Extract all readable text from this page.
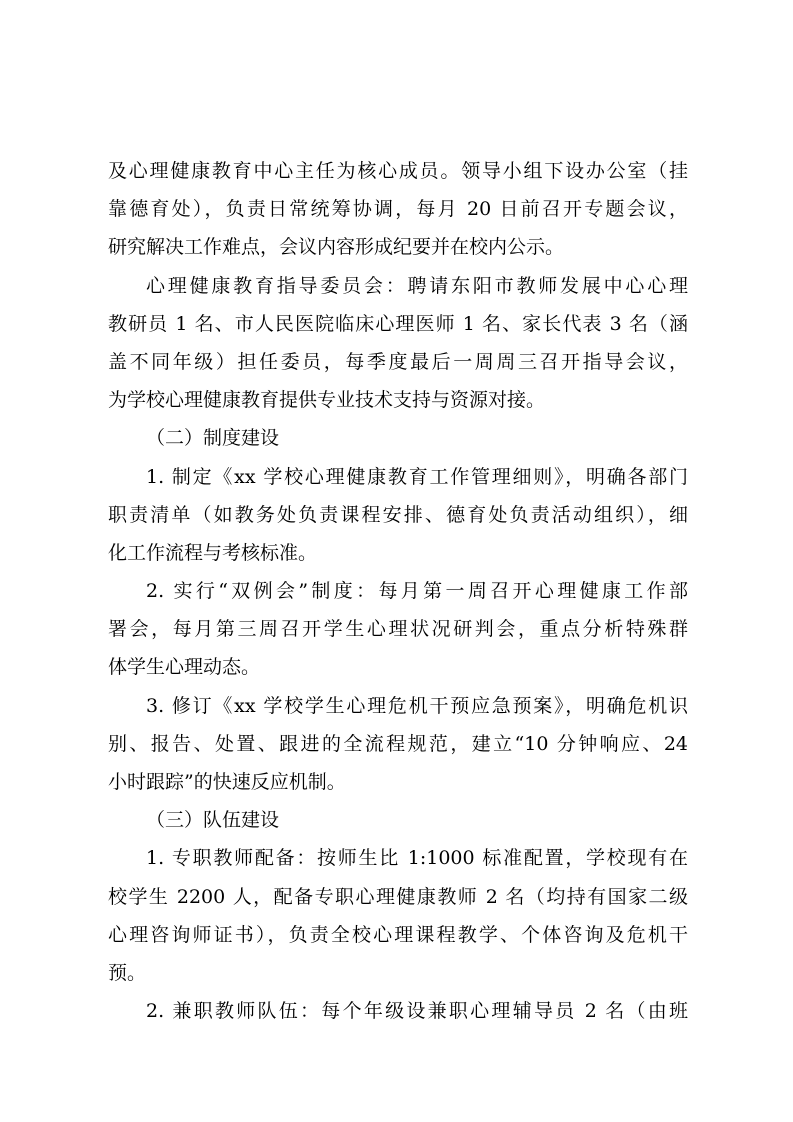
及心理健康教育中心主任为核心成员。领导小组下设办公室（挂
靠德育处），负责日常统筹协调，每月 20 日前召开专题会议，
研究解决工作难点，会议内容形成纪要并在校内公示。
心理健康教育指导委员会：聘请东阳市教师发展中心心理
教研员 1 名、市人民医院临床心理医师 1 名、家长代表 3 名（涵
盖不同年级）担任委员，每季度最后一周周三召开指导会议，
为学校心理健康教育提供专业技术支持与资源对接。
（二）制度建设
1. 制定《xx 学校心理健康教育工作管理细则》，明确各部门
职责清单（如教务处负责课程安排、德育处负责活动组织），细
化工作流程与考核标准。
2. 实行“双例会”制度：每月第一周召开心理健康工作部
署会，每月第三周召开学生心理状况研判会，重点分析特殊群
体学生心理动态。
3. 修订《xx 学校学生心理危机干预应急预案》，明确危机识
别、报告、处置、跟进的全流程规范，建立“10 分钟响应、24
小时跟踪”的快速反应机制。
（三）队伍建设
1. 专职教师配备：按师生比 1:1000 标准配置，学校现有在
校学生 2200 人，配备专职心理健康教师 2 名（均持有国家二级
心理咨询师证书），负责全校心理课程教学、个体咨询及危机干
预。
2. 兼职教师队伍：每个年级设兼职心理辅导员 2 名（由班
